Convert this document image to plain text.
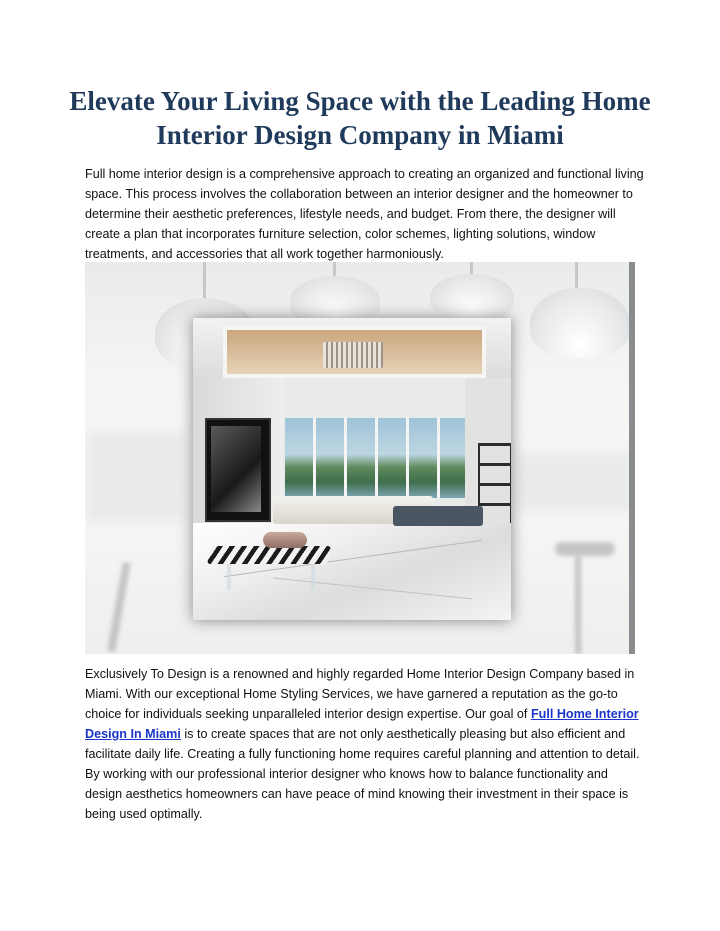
Elevate Your Living Space with the Leading Home Interior Design Company in Miami

Full home interior design is a comprehensive approach to creating an organized and functional living space. This process involves the collaboration between an interior designer and the homeowner to determine their aesthetic preferences, lifestyle needs, and budget. From there, the designer will create a plan that incorporates furniture selection, color schemes, lighting solutions, window treatments, and accessories that all work together harmoniously.

Exclusively To Design is a renowned and highly regarded Home Interior Design Company based in Miami. With our exceptional Home Styling Services, we have garnered a reputation as the go-to choice for individuals seeking unparalleled interior design expertise. Our goal of Full Home Interior Design In Miami is to create spaces that are not only aesthetically pleasing but also efficient and facilitate daily life. Creating a fully functioning home requires careful planning and attention to detail. By working with our professional interior designer who knows how to balance functionality and design aesthetics homeowners can have peace of mind knowing their investment in their space is being used optimally.
